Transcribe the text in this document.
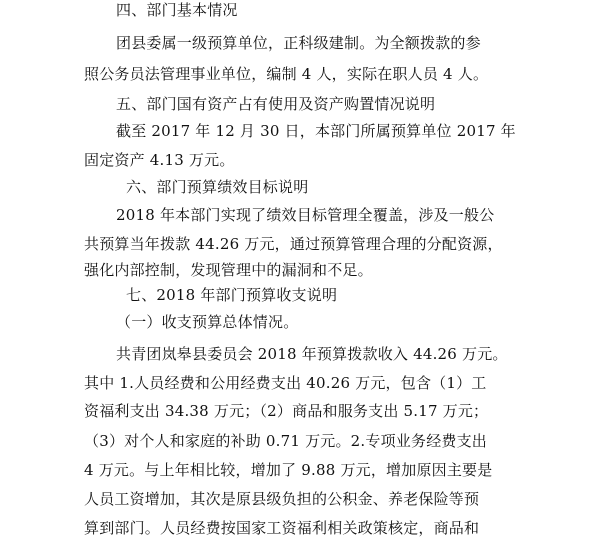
四、部门基本情况
团县委属一级预算单位，正科级建制。为全额拨款的参
照公务员法管理事业单位，编制 4 人，实际在职人员 4 人。
五、部门国有资产占有使用及资产购置情况说明
截至 2017 年 12 月 30 日，本部门所属预算单位 2017 年
固定资产 4.13 万元。
六、部门预算绩效目标说明
2018 年本部门实现了绩效目标管理全覆盖，涉及一般公
共预算当年拨款 44.26 万元，通过预算管理合理的分配资源，
强化内部控制，发现管理中的漏洞和不足。
七、2018 年部门预算收支说明
（一）收支预算总体情况。
共青团岚皋县委员会 2018 年预算拨款收入 44.26 万元。
其中 1.人员经费和公用经费支出 40.26 万元，包含（1）工
资福利支出 34.38 万元；（2）商品和服务支出 5.17 万元；
（3）对个人和家庭的补助 0.71 万元。2.专项业务经费支出
4 万元。与上年相比较，增加了 9.88 万元，增加原因主要是
人员工资增加，其次是原县级负担的公积金、养老保险等预
算到部门。人员经费按国家工资福利相关政策核定，商品和
